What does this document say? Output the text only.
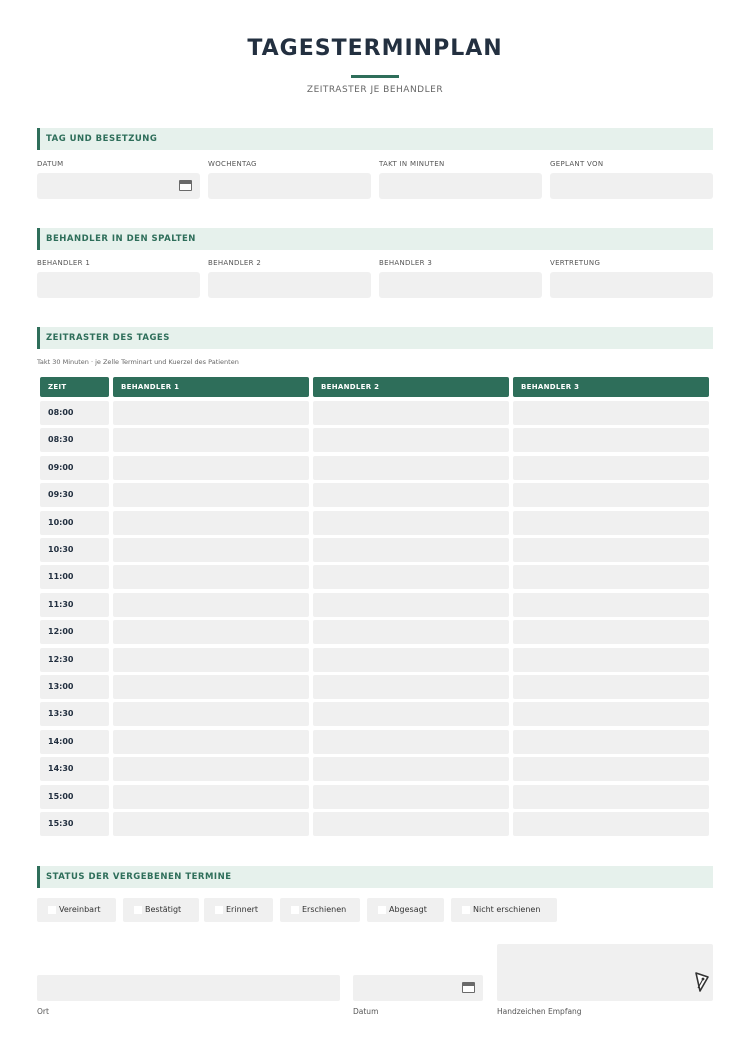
TAGESTERMINPLAN
ZEITRASTER JE BEHANDLER
TAG UND BESETZUNG
DATUM	WOCHENTAG	TAKT IN MINUTEN	GEPLANT VON
BEHANDLER IN DEN SPALTEN
BEHANDLER 1	BEHANDLER 2	BEHANDLER 3	VERTRETUNG
ZEITRASTER DES TAGES
Takt 30 Minuten · je Zelle Terminart und Kuerzel des Patienten
ZEIT	BEHANDLER 1	BEHANDLER 2	BEHANDLER 3
08:00
08:30
09:00
09:30
10:00
10:30
11:00
11:30
12:00
12:30
13:00
13:30
14:00
14:30
15:00
15:30
STATUS DER VERGEBENEN TERMINE
Vereinbart	Bestätigt	Erinnert	Erschienen	Abgesagt	Nicht erschienen
Ort	Datum	Handzeichen Empfang
